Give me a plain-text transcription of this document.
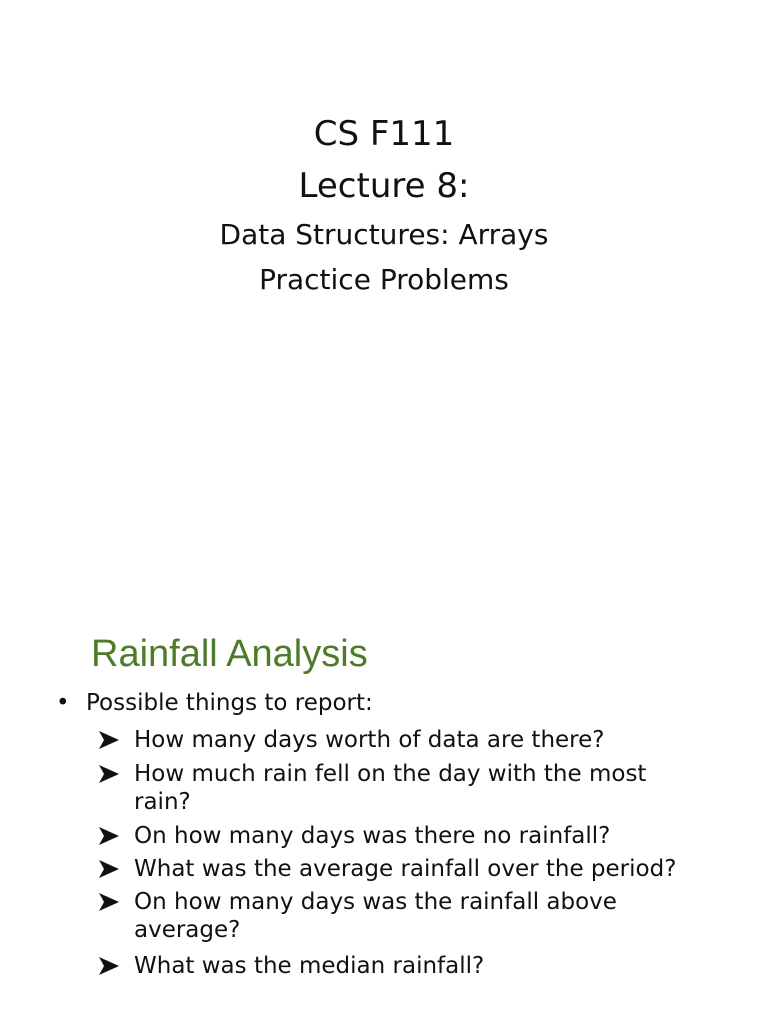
CS F111
Lecture 8:
Data Structures: Arrays
Practice Problems
Rainfall Analysis
• Possible things to report:
How many days worth of data are there?
How much rain fell on the day with the most rain?
On how many days was there no rainfall?
What was the average rainfall over the period?
On how many days was the rainfall above average?
What was the median rainfall?
